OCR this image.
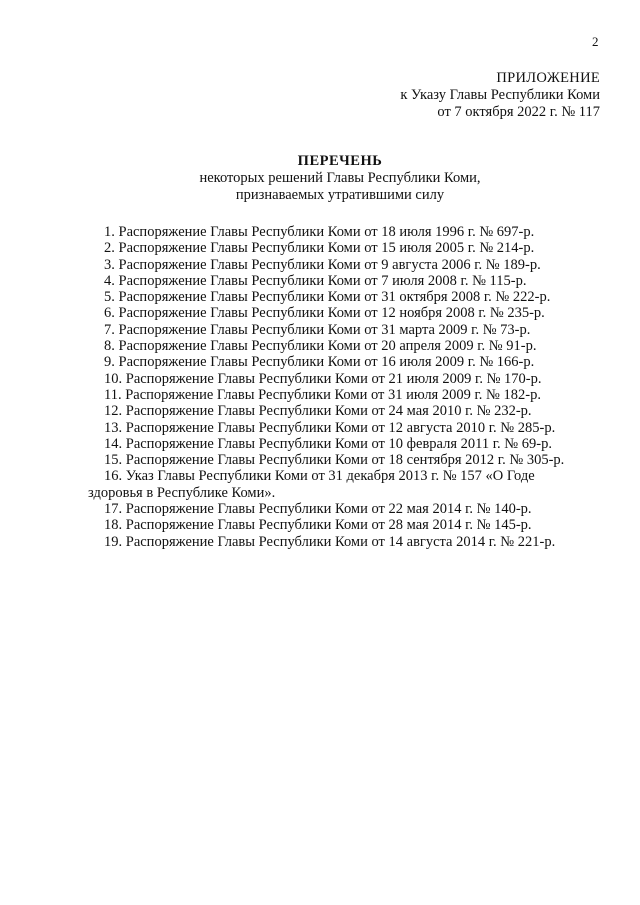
2
ПРИЛОЖЕНИЕ
к Указу Главы Республики Коми
от 7 октября 2022 г. № 117
ПЕРЕЧЕНЬ
некоторых решений Главы Республики Коми,
признаваемых утратившими силу
1. Распоряжение Главы Республики Коми от 18 июля 1996 г. № 697-р.
2. Распоряжение Главы Республики Коми от 15 июля 2005 г. № 214-р.
3. Распоряжение Главы Республики Коми от 9 августа 2006 г. № 189-р.
4. Распоряжение Главы Республики Коми от 7 июля 2008 г. № 115-р.
5. Распоряжение Главы Республики Коми от 31 октября 2008 г. № 222-р.
6. Распоряжение Главы Республики Коми от 12 ноября 2008 г. № 235-р.
7. Распоряжение Главы Республики Коми от 31 марта 2009 г. № 73-р.
8. Распоряжение Главы Республики Коми от 20 апреля 2009 г. № 91-р.
9. Распоряжение Главы Республики Коми от 16 июля 2009 г. № 166-р.
10. Распоряжение Главы Республики Коми от 21 июля 2009 г. № 170-р.
11. Распоряжение Главы Республики Коми от 31 июля 2009 г. № 182-р.
12. Распоряжение Главы Республики Коми от 24 мая 2010 г. № 232-р.
13. Распоряжение Главы Республики Коми от 12 августа 2010 г. № 285-р.
14. Распоряжение Главы Республики Коми от 10 февраля 2011 г. № 69-р.
15. Распоряжение Главы Республики Коми от 18 сентября 2012 г. № 305-р.
16. Указ Главы Республики Коми от 31 декабря 2013 г. № 157 «О Годе
здоровья в Республике Коми».
17. Распоряжение Главы Республики Коми от 22 мая 2014 г. № 140-р.
18. Распоряжение Главы Республики Коми от 28 мая 2014 г. № 145-р.
19. Распоряжение Главы Республики Коми от 14 августа 2014 г. № 221-р.
